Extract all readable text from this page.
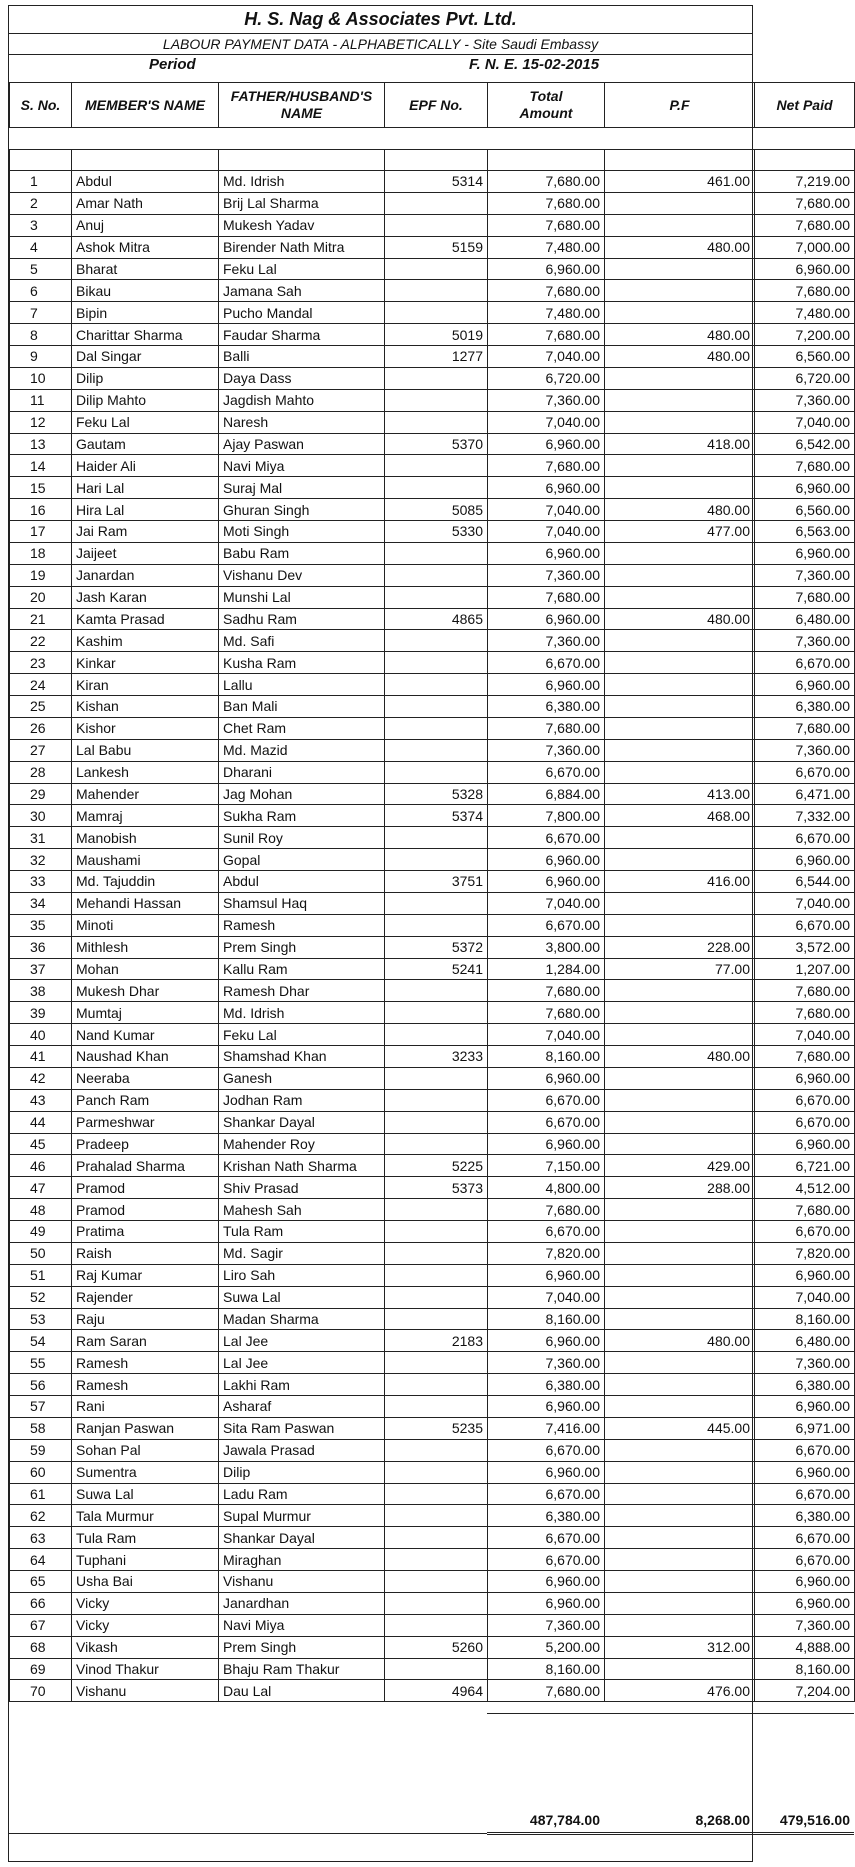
H. S. Nag & Associates Pvt. Ltd.
LABOUR PAYMENT DATA - ALPHABETICALLY - Site Saudi Embassy
Period	F. N. E. 15-02-2015
S. No.	MEMBER'S NAME	FATHER/HUSBAND'S NAME	EPF No.	Total Amount	P.F	Net Paid

1	Abdul	Md. Idrish	5314	7,680.00	461.00	7,219.00
2	Amar Nath	Brij Lal Sharma		7,680.00		7,680.00
3	Anuj	Mukesh Yadav		7,680.00		7,680.00
4	Ashok Mitra	Birender Nath Mitra	5159	7,480.00	480.00	7,000.00
5	Bharat	Feku Lal		6,960.00		6,960.00
6	Bikau	Jamana Sah		7,680.00		7,680.00
7	Bipin	Pucho Mandal		7,480.00		7,480.00
8	Charittar Sharma	Faudar Sharma	5019	7,680.00	480.00	7,200.00
9	Dal Singar	Balli	1277	7,040.00	480.00	6,560.00
10	Dilip	Daya Dass		6,720.00		6,720.00
11	Dilip Mahto	Jagdish Mahto		7,360.00		7,360.00
12	Feku Lal	Naresh		7,040.00		7,040.00
13	Gautam	Ajay Paswan	5370	6,960.00	418.00	6,542.00
14	Haider Ali	Navi Miya		7,680.00		7,680.00
15	Hari Lal	Suraj Mal		6,960.00		6,960.00
16	Hira Lal	Ghuran Singh	5085	7,040.00	480.00	6,560.00
17	Jai Ram	Moti Singh	5330	7,040.00	477.00	6,563.00
18	Jaijeet	Babu Ram		6,960.00		6,960.00
19	Janardan	Vishanu Dev		7,360.00		7,360.00
20	Jash Karan	Munshi Lal		7,680.00		7,680.00
21	Kamta Prasad	Sadhu Ram	4865	6,960.00	480.00	6,480.00
22	Kashim	Md. Safi		7,360.00		7,360.00
23	Kinkar	Kusha Ram		6,670.00		6,670.00
24	Kiran	Lallu		6,960.00		6,960.00
25	Kishan	Ban Mali		6,380.00		6,380.00
26	Kishor	Chet Ram		7,680.00		7,680.00
27	Lal Babu	Md. Mazid		7,360.00		7,360.00
28	Lankesh	Dharani		6,670.00		6,670.00
29	Mahender	Jag Mohan	5328	6,884.00	413.00	6,471.00
30	Mamraj	Sukha Ram	5374	7,800.00	468.00	7,332.00
31	Manobish	Sunil Roy		6,670.00		6,670.00
32	Maushami	Gopal		6,960.00		6,960.00
33	Md. Tajuddin	Abdul	3751	6,960.00	416.00	6,544.00
34	Mehandi Hassan	Shamsul Haq		7,040.00		7,040.00
35	Minoti	Ramesh		6,670.00		6,670.00
36	Mithlesh	Prem Singh	5372	3,800.00	228.00	3,572.00
37	Mohan	Kallu Ram	5241	1,284.00	77.00	1,207.00
38	Mukesh Dhar	Ramesh Dhar		7,680.00		7,680.00
39	Mumtaj	Md. Idrish		7,680.00		7,680.00
40	Nand Kumar	Feku Lal		7,040.00		7,040.00
41	Naushad Khan	Shamshad Khan	3233	8,160.00	480.00	7,680.00
42	Neeraba	Ganesh		6,960.00		6,960.00
43	Panch Ram	Jodhan Ram		6,670.00		6,670.00
44	Parmeshwar	Shankar Dayal		6,670.00		6,670.00
45	Pradeep	Mahender Roy		6,960.00		6,960.00
46	Prahalad Sharma	Krishan Nath Sharma	5225	7,150.00	429.00	6,721.00
47	Pramod	Shiv Prasad	5373	4,800.00	288.00	4,512.00
48	Pramod	Mahesh Sah		7,680.00		7,680.00
49	Pratima	Tula Ram		6,670.00		6,670.00
50	Raish	Md. Sagir		7,820.00		7,820.00
51	Raj Kumar	Liro Sah		6,960.00		6,960.00
52	Rajender	Suwa Lal		7,040.00		7,040.00
53	Raju	Madan Sharma		8,160.00		8,160.00
54	Ram Saran	Lal Jee	2183	6,960.00	480.00	6,480.00
55	Ramesh	Lal Jee		7,360.00		7,360.00
56	Ramesh	Lakhi Ram		6,380.00		6,380.00
57	Rani	Asharaf		6,960.00		6,960.00
58	Ranjan Paswan	Sita Ram Paswan	5235	7,416.00	445.00	6,971.00
59	Sohan Pal	Jawala Prasad		6,670.00		6,670.00
60	Sumentra	Dilip		6,960.00		6,960.00
61	Suwa Lal	Ladu Ram		6,670.00		6,670.00
62	Tala Murmur	Supal Murmur		6,380.00		6,380.00
63	Tula Ram	Shankar Dayal		6,670.00		6,670.00
64	Tuphani	Miraghan		6,670.00		6,670.00
65	Usha Bai	Vishanu		6,960.00		6,960.00
66	Vicky	Janardhan		6,960.00		6,960.00
67	Vicky	Navi Miya		7,360.00		7,360.00
68	Vikash	Prem Singh	5260	5,200.00	312.00	4,888.00
69	Vinod Thakur	Bhaju Ram Thakur		8,160.00		8,160.00
70	Vishanu	Dau Lal	4964	7,680.00	476.00	7,204.00
				487,784.00	8,268.00	479,516.00
